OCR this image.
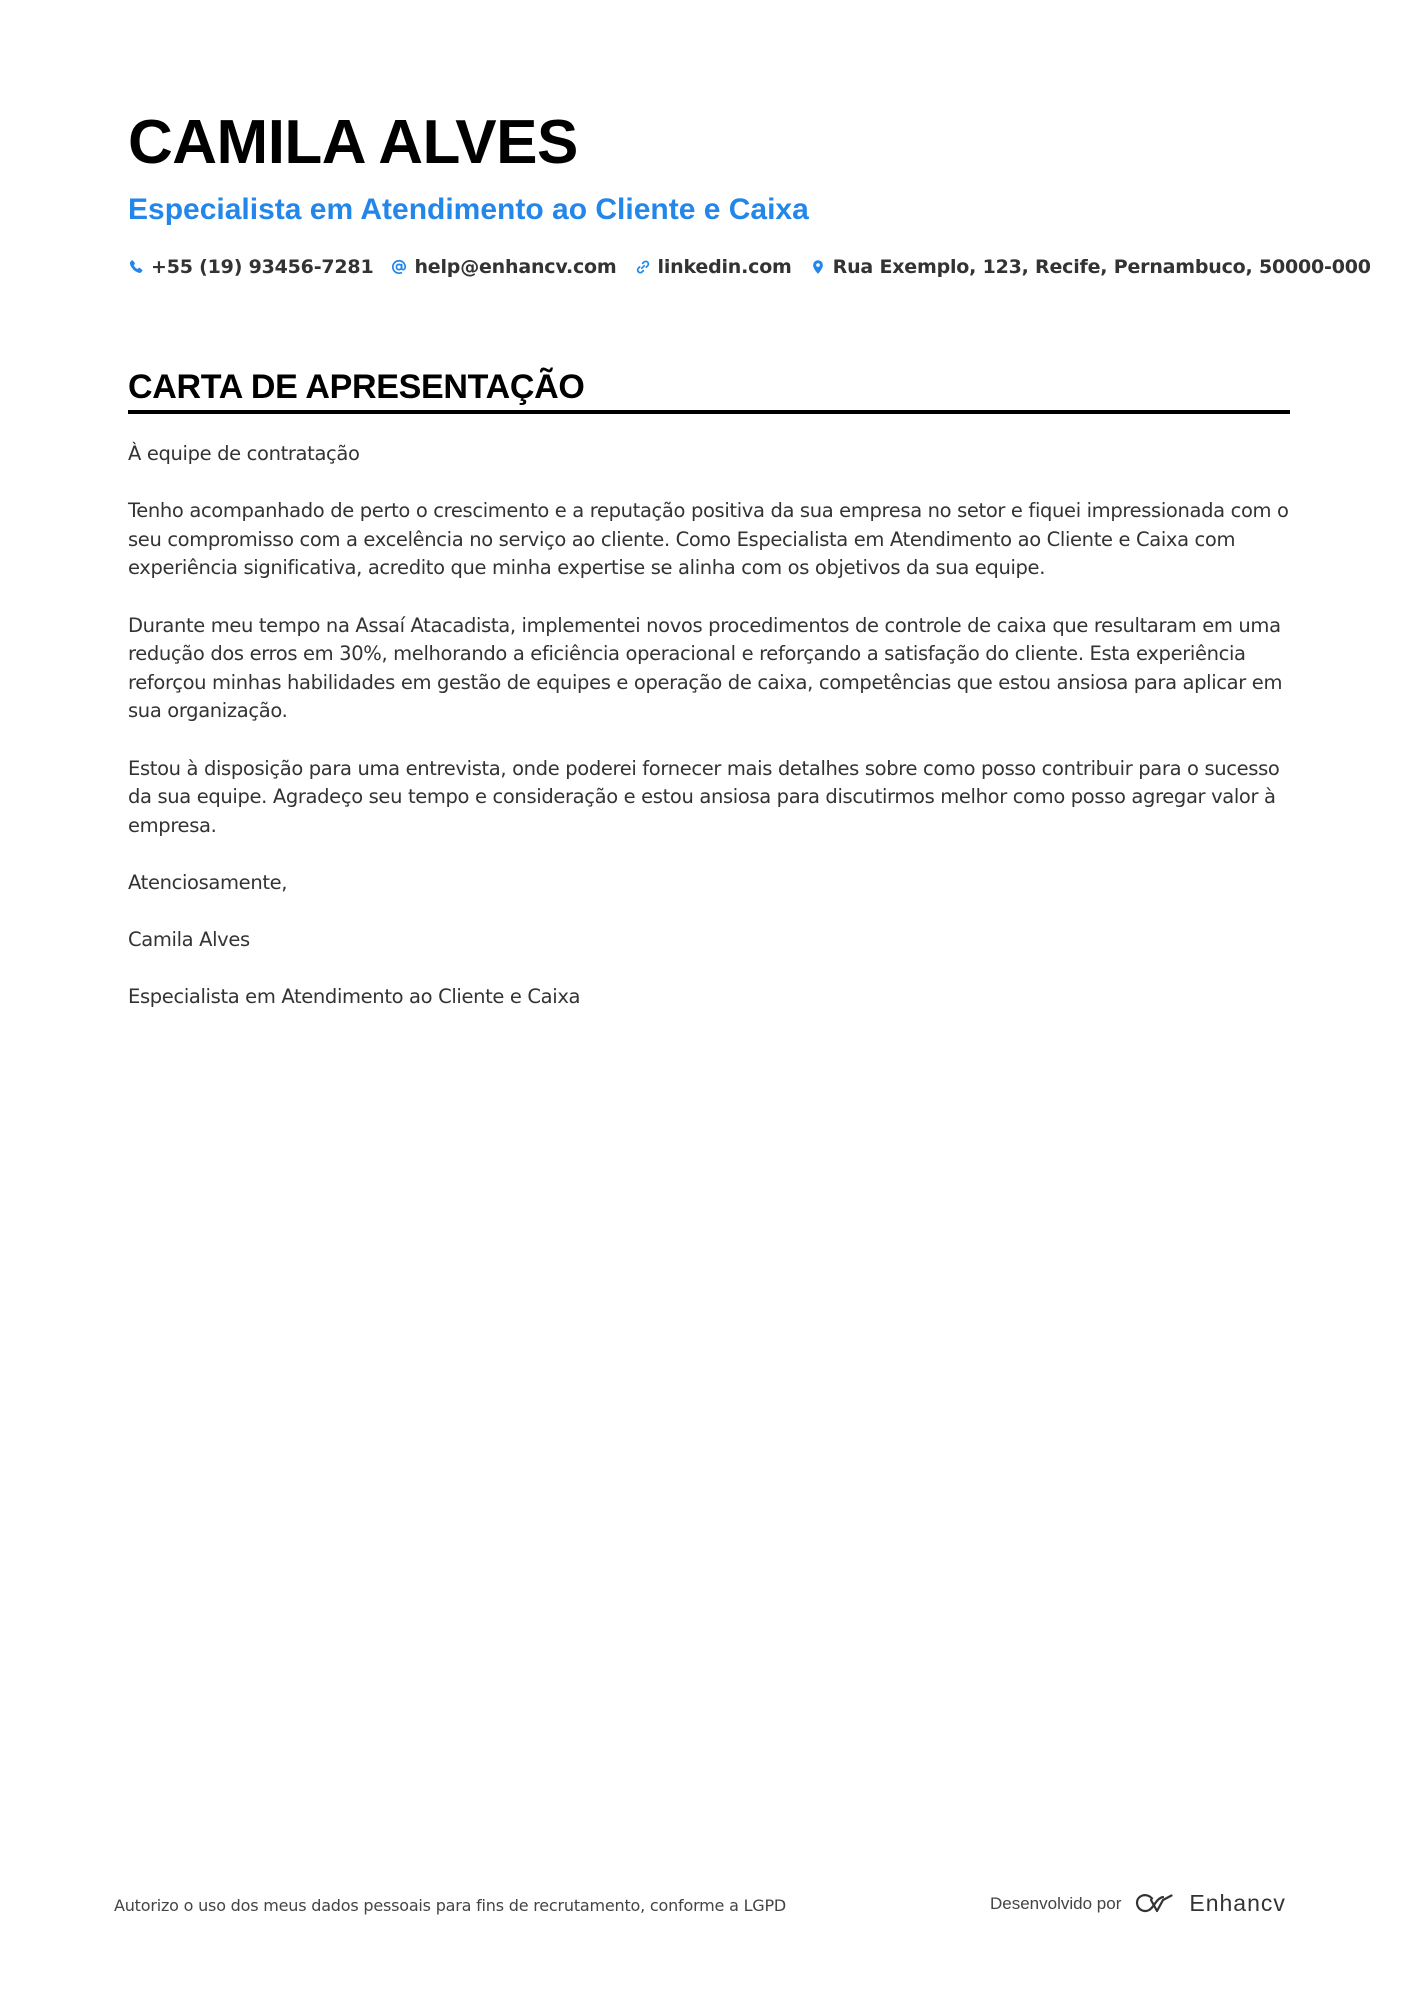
CAMILA ALVES
Especialista em Atendimento ao Cliente e Caixa
+55 (19) 93456-7281 help@enhancv.com linkedin.com Rua Exemplo, 123, Recife, Pernambuco, 50000-000
CARTA DE APRESENTAÇÃO

À equipe de contratação

Tenho acompanhado de perto o crescimento e a reputação positiva da sua empresa no setor e fiquei impressionada com o seu compromisso com a excelência no serviço ao cliente. Como Especialista em Atendimento ao Cliente e Caixa com experiência significativa, acredito que minha expertise se alinha com os objetivos da sua equipe.

Durante meu tempo na Assaí Atacadista, implementei novos procedimentos de controle de caixa que resultaram em uma redução dos erros em 30%, melhorando a eficiência operacional e reforçando a satisfação do cliente. Esta experiência reforçou minhas habilidades em gestão de equipes e operação de caixa, competências que estou ansiosa para aplicar em sua organização.

Estou à disposição para uma entrevista, onde poderei fornecer mais detalhes sobre como posso contribuir para o sucesso da sua equipe. Agradeço seu tempo e consideração e estou ansiosa para discutirmos melhor como posso agregar valor à empresa.

Atenciosamente,

Camila Alves

Especialista em Atendimento ao Cliente e Caixa

Autorizo o uso dos meus dados pessoais para fins de recrutamento, conforme a LGPD	Desenvolvido por	Enhancv
